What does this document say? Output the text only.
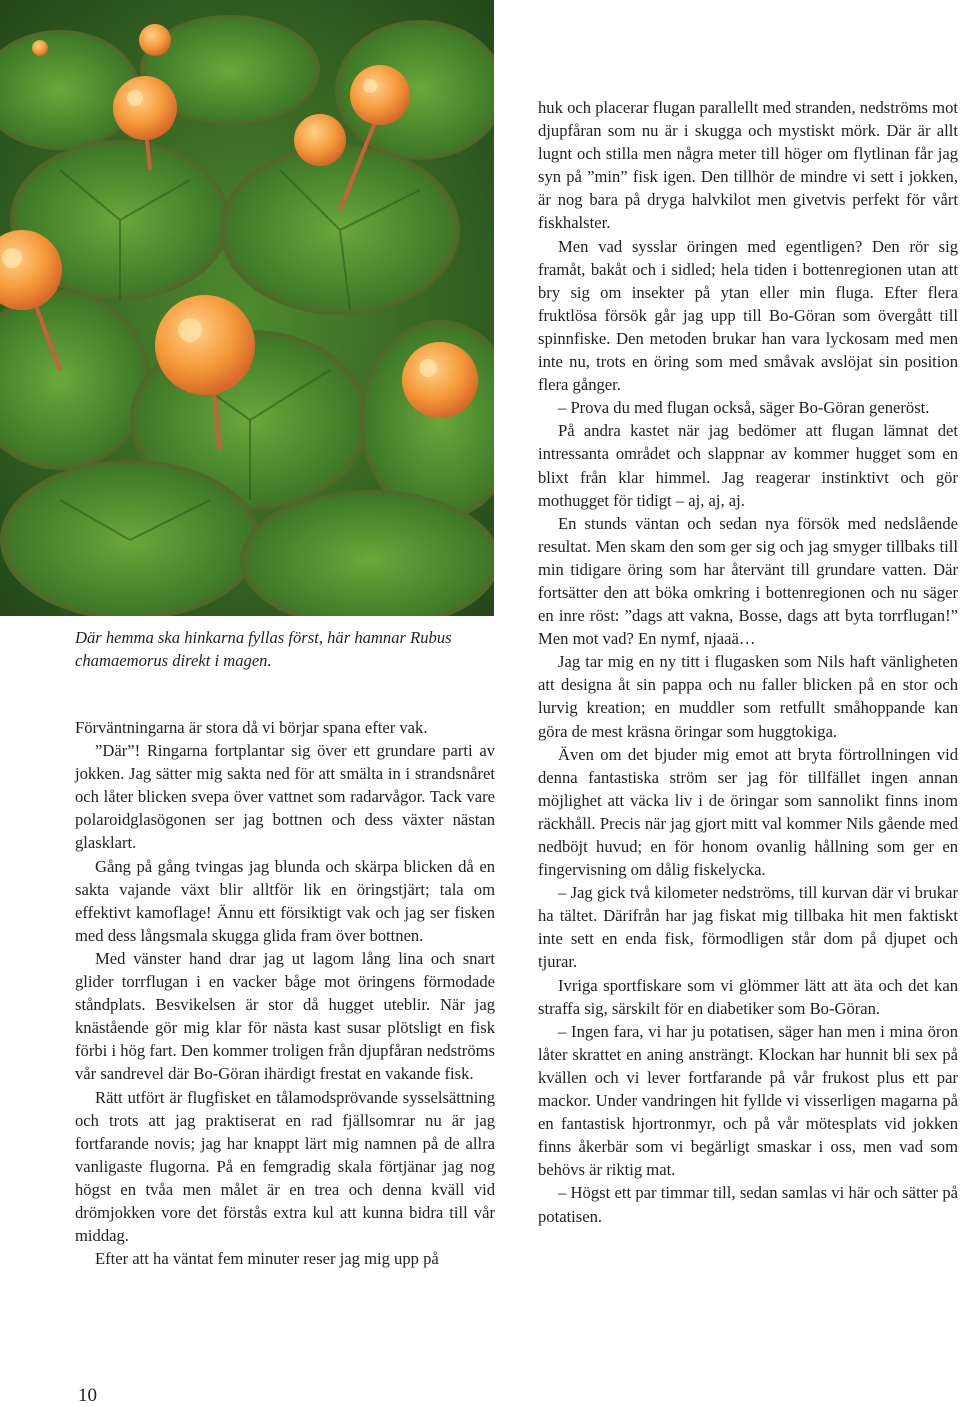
Där hemma ska hinkarna fyllas först, här hamnar Rubus chamaemorus direkt i magen.

Förväntningarna är stora då vi börjar spana efter vak.

”Där”! Ringarna fortplantar sig över ett grundare parti av jokken. Jag sätter mig sakta ned för att smälta in i strandsnåret och låter blicken svepa över vattnet som radarvågor. Tack vare polaroidglasögonen ser jag bottnen och dess växter nästan glasklart.

Gång på gång tvingas jag blunda och skärpa blicken då en sakta vajande växt blir alltför lik en öringstjärt; tala om effektivt kamoflage! Ännu ett försiktigt vak och jag ser fisken med dess långsmala skugga glida fram över bottnen.

Med vänster hand drar jag ut lagom lång lina och snart glider torrflugan i en vacker båge mot öringens förmodade ståndplats. Besvikelsen är stor då hugget uteblir. När jag knästående gör mig klar för nästa kast susar plötsligt en fisk förbi i hög fart. Den kommer troligen från djupfåran nedströms vår sandrevel där Bo-Göran ihärdigt frestat en vakande fisk.

Rätt utfört är flugfisket en tålamodsprövande sysselsättning och trots att jag praktiserat en rad fjällsomrar nu är jag fortfarande novis; jag har knappt lärt mig namnen på de allra vanligaste flugorna. På en femgradig skala förtjänar jag nog högst en tvåa men målet är en trea och denna kväll vid drömjokken vore det förstås extra kul att kunna bidra till vår middag.

Efter att ha väntat fem minuter reser jag mig upp på

huk och placerar flugan parallellt med stranden, nedströms mot djupfåran som nu är i skugga och mystiskt mörk. Där är allt lugnt och stilla men några meter till höger om flytlinan får jag syn på ”min” fisk igen. Den tillhör de mindre vi sett i jokken, är nog bara på dryga halvkilot men givetvis perfekt för vårt fiskhalster.

Men vad sysslar öringen med egentligen? Den rör sig framåt, bakåt och i sidled; hela tiden i bottenregionen utan att bry sig om insekter på ytan eller min fluga. Efter flera fruktlösa försök går jag upp till Bo-Göran som övergått till spinnfiske. Den metoden brukar han vara lyckosam med men inte nu, trots en öring som med småvak avslöjat sin position flera gånger.

– Prova du med flugan också, säger Bo-Göran generöst.

På andra kastet när jag bedömer att flugan lämnat det intressanta området och slappnar av kommer hugget som en blixt från klar himmel. Jag reagerar instinktivt och gör mothugget för tidigt – aj, aj, aj.

En stunds väntan och sedan nya försök med nedslående resultat. Men skam den som ger sig och jag smyger tillbaks till min tidigare öring som har återvänt till grundare vatten. Där fortsätter den att böka omkring i bottenregionen och nu säger en inre röst: ”dags att vakna, Bosse, dags att byta torrflugan!” Men mot vad? En nymf, njaaä…

Jag tar mig en ny titt i flugasken som Nils haft vänligheten att designa åt sin pappa och nu faller blicken på en stor och lurvig kreation; en muddler som retfullt småhoppande kan göra de mest kräsna öringar som huggtokiga.

Även om det bjuder mig emot att bryta förtrollningen vid denna fantastiska ström ser jag för tillfället ingen annan möjlighet att väcka liv i de öringar som sannolikt finns inom räckhåll. Precis när jag gjort mitt val kommer Nils gående med nedböjt huvud; en för honom ovanlig hållning som ger en fingervisning om dålig fiskelycka.

– Jag gick två kilometer nedströms, till kurvan där vi brukar ha tältet. Därifrån har jag fiskat mig tillbaka hit men faktiskt inte sett en enda fisk, förmodligen står dom på djupet och tjurar.

Ivriga sportfiskare som vi glömmer lätt att äta och det kan straffa sig, särskilt för en diabetiker som Bo-Göran.

– Ingen fara, vi har ju potatisen, säger han men i mina öron låter skrattet en aning ansträngt. Klockan har hunnit bli sex på kvällen och vi lever fortfarande på vår frukost plus ett par mackor. Under vandringen hit fyllde vi visserligen magarna på en fantastisk hjortronmyr, och på vår mötesplats vid jokken finns åkerbär som vi begärligt smaskar i oss, men vad som behövs är riktig mat.

– Högst ett par timmar till, sedan samlas vi här och sätter på potatisen.

10
